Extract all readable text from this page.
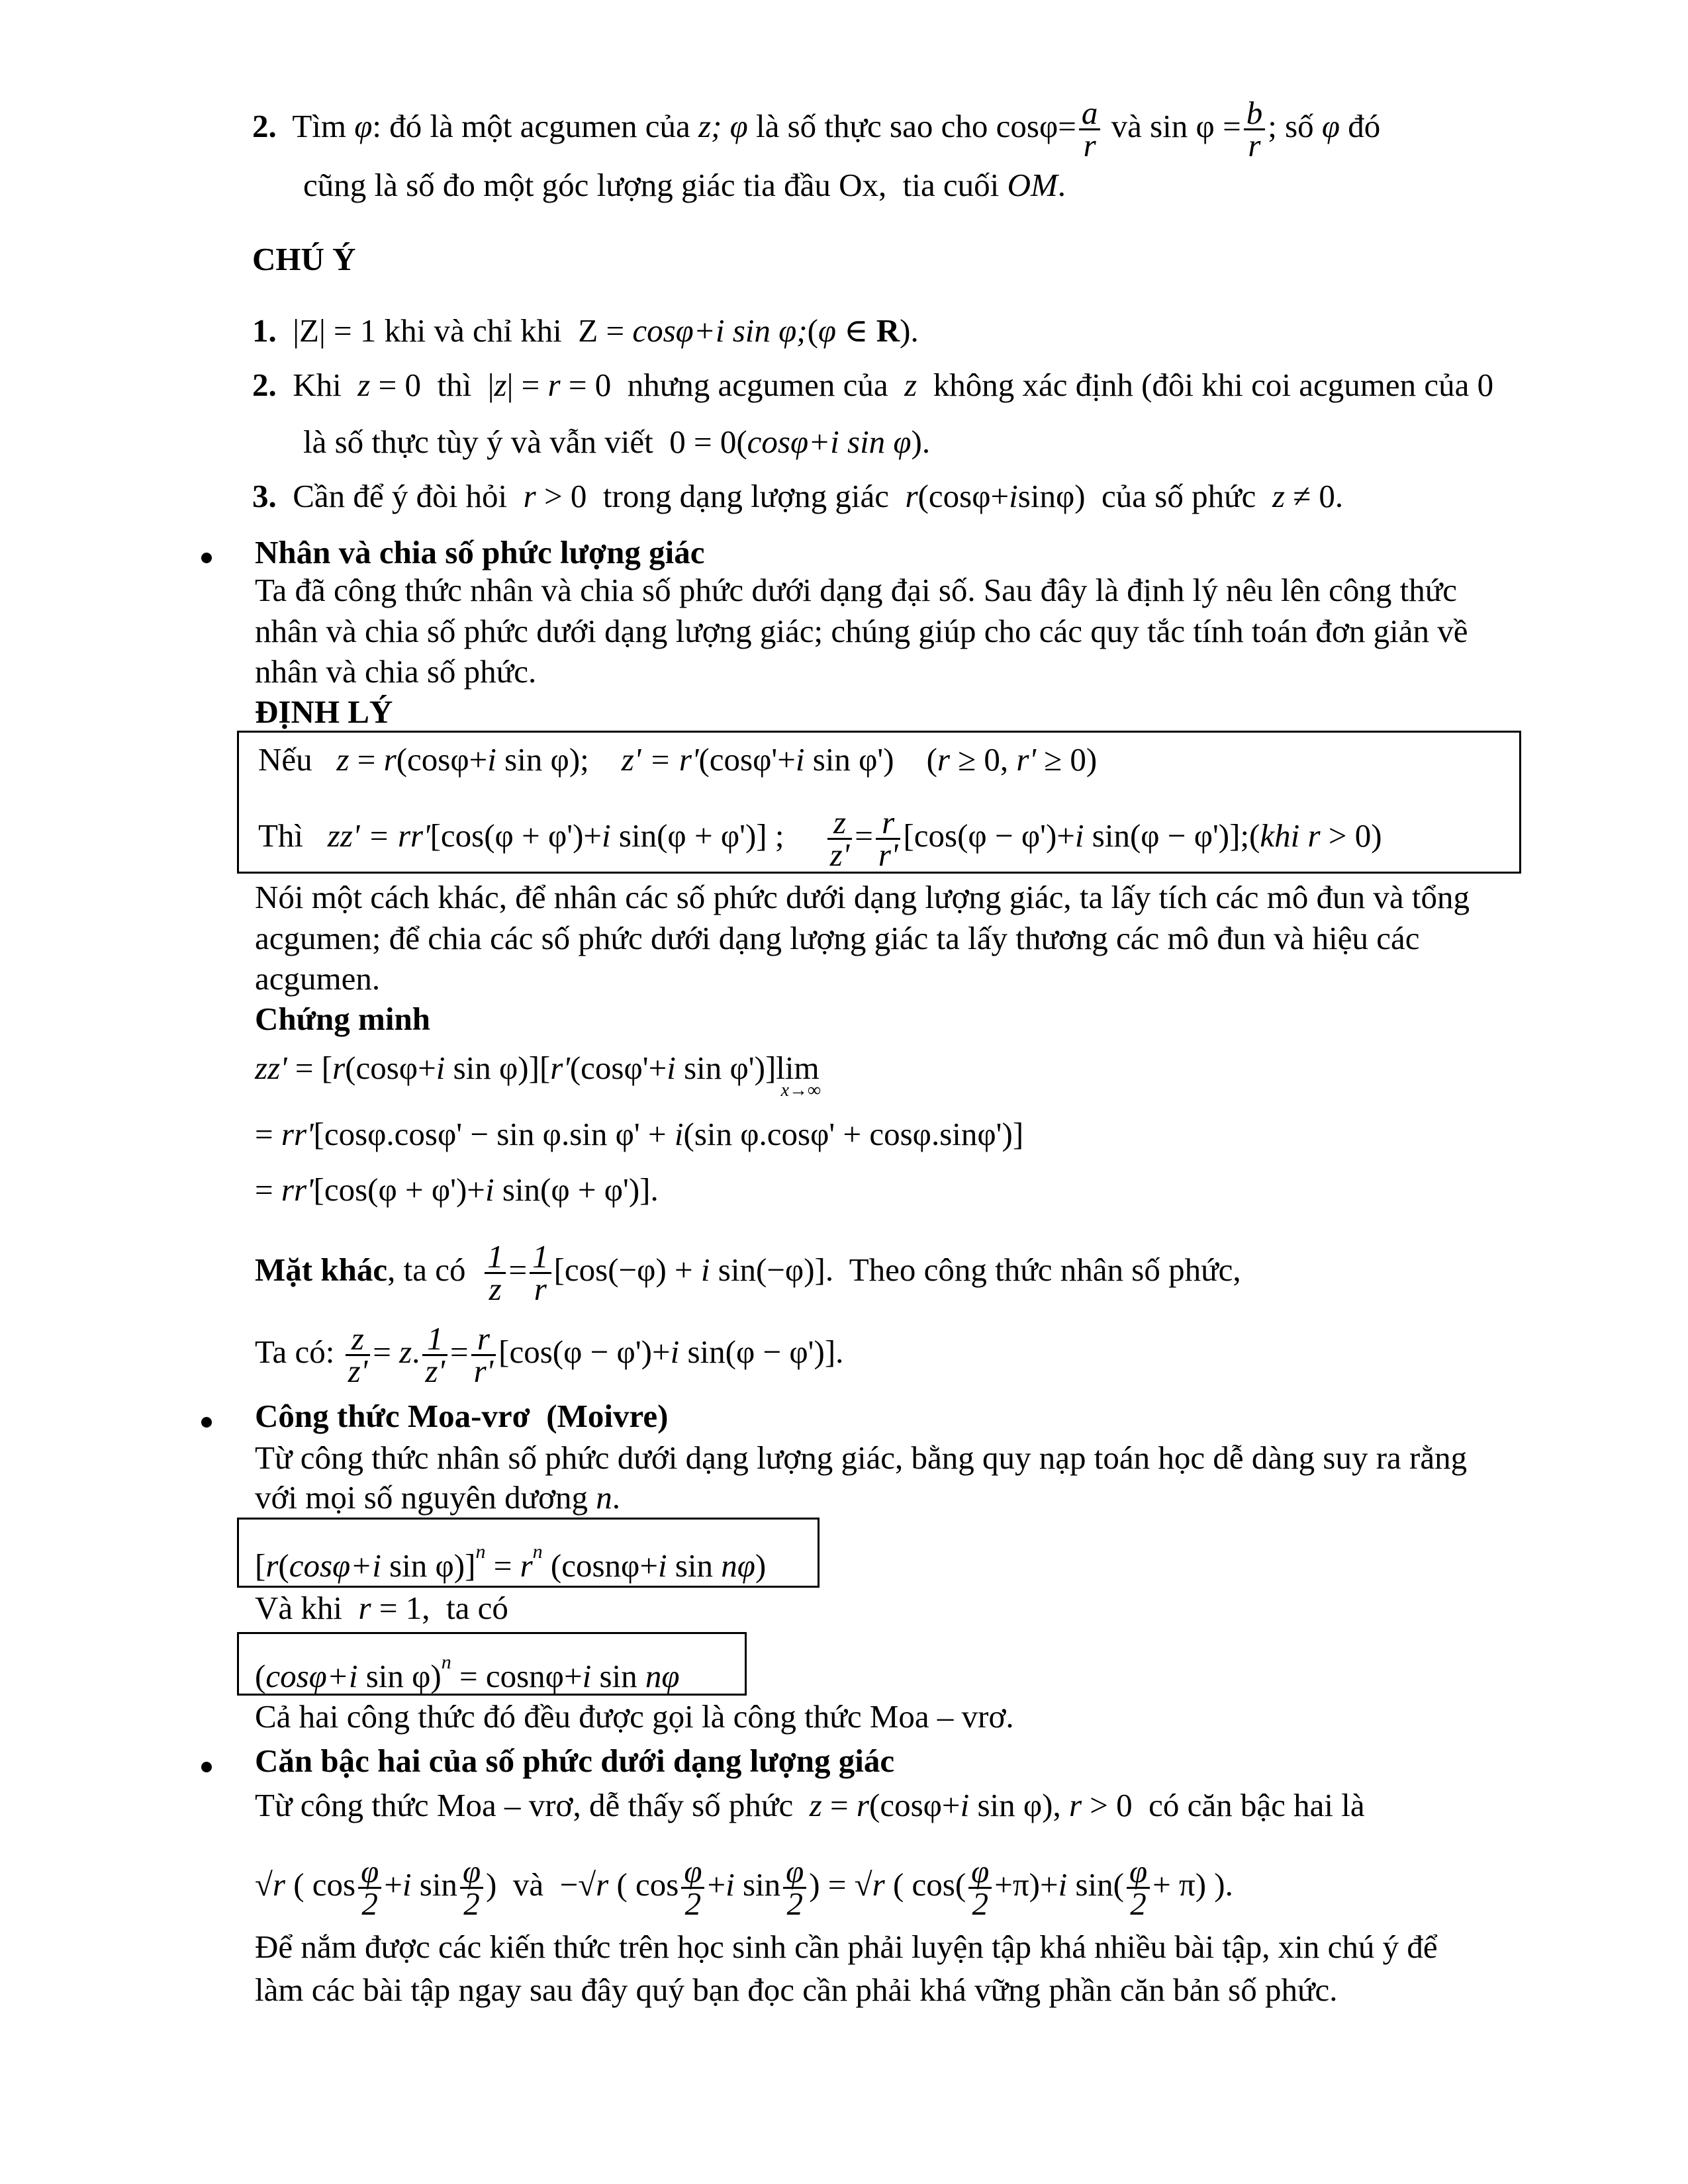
2.  Tìm φ: đó là một acgumen của z; φ là số thực sao cho $\cos\varphi= \frac{a}{r}$ và $\sin \varphi = \frac{b}{r}$ ; số φ đó
cũng là số đo một góc lượng giác tia đầu Ox,  tia cuối OM.
CHÚ Ý
1.  |Z| = 1 khi và chỉ khi  Z = cosφ+i sin φ;(φ ∈ R).
2.  Khi  z = 0  thì  |z| = r = 0  nhưng acgumen của  z  không xác định (đôi khi coi acgumen của 0
là số thực tùy ý và vẫn viết  0 = 0(cosφ+i sin φ).
3.  Cần để ý đòi hỏi  r > 0  trong dạng lượng giác  r(cosφ+isinφ)  của số phức  z ≠ 0.
Nhân và chia số phức lượng giác
Ta đã công thức nhân và chia số phức dưới dạng đại số. Sau đây là định lý nêu lên công thức
nhân và chia số phức dưới dạng lượng giác; chúng giúp cho các quy tắc tính toán đơn giản về
nhân và chia số phức.
ĐỊNH LÝ
Nếu   z = r(cosφ+i sin φ);    z' = r'(cosφ'+i sin φ')    (r ≥ 0, r' ≥ 0)
Thì   zz' = rr'[cos(φ + φ')+i sin(φ + φ')] ; $\frac{z}{z'} = \frac{r}{r'} [\cos(\varphi - \varphi')+i$ sin(φ − φ')];(khi r > 0)
Nói một cách khác, để nhân các số phức dưới dạng lượng giác, ta lấy tích các mô đun và tổng
acgumen; để chia các số phức dưới dạng lượng giác ta lấy thương các mô đun và hiệu các
acgumen.
Chứng minh
zz' = [r(cosφ+i sin φ)][r'(cosφ'+i $\sin \varphi')]\lim_{x\to\infty}$
= rr'[cosφ.cosφ' − sin φ.sin φ' + i(sin φ.cosφ' + cosφ.sinφ')]
= rr'[cos(φ + φ')+i sin(φ + φ')].
Mặt khác, ta có $\frac{1}{z} = \frac{1}{r} [\cos(-\varphi) + i$ sin(−φ)].  Theo công thức nhân số phức,
Ta có: $\frac{z}{z'} = z$. $\frac{1}{z'} = \frac{r}{r'} [\cos(\varphi - \varphi')+i$ sin(φ − φ')].
Công thức Moa-vrơ  (Moivre)
Từ công thức nhân số phức dưới dạng lượng giác, bằng quy nạp toán học dễ dàng suy ra rằng
với mọi số nguyên dương n.
[r(cosφ+i $\sin \varphi)]^n = r^n$ (cosnφ+i sin nφ)
Và khi  r = 1,  ta có
(cosφ+i sin φ)$^n$ = cosnφ+i sin nφ
Cả hai công thức đó đều được gọi là công thức Moa – vrơ.
Căn bậc hai của số phức dưới dạng lượng giác
Từ công thức Moa – vrơ, dễ thấy số phức  z = r(cosφ+i sin φ), r > 0  có căn bậc hai là
√r ( $\cos \frac{\varphi}{2} +i$ $\sin \frac{\varphi}{2}$ )  và  −√r ( $\cos \frac{\varphi}{2} +i$ $\sin \frac{\varphi}{2}$ ) = √r ( $\cos( \frac{\varphi}{2} +\pi)+i$ $\sin( \frac{\varphi}{2} + \pi)$ ).
Để nắm được các kiến thức trên học sinh cần phải luyện tập khá nhiều bài tập, xin chú ý để
làm các bài tập ngay sau đây quý bạn đọc cần phải khá vững phần căn bản số phức.
